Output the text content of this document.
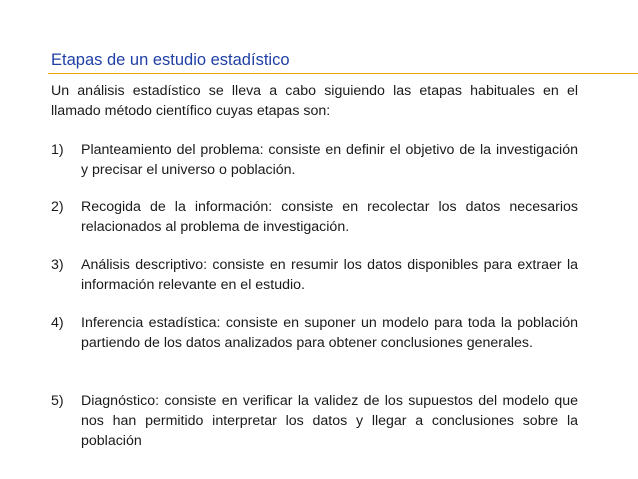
Etapas de un estudio estadístico
Un análisis estadístico se lleva a cabo siguiendo las etapas habituales en el llamado método científico cuyas etapas son:
1)	Planteamiento del problema: consiste en definir el objetivo de la investigación y precisar el universo o población.
2)	Recogida de la información: consiste en recolectar los datos necesarios relacionados al problema de investigación.
3)	Análisis descriptivo: consiste en resumir los datos disponibles para extraer la información relevante en el estudio.
4)	Inferencia estadística: consiste en suponer un modelo para toda la población partiendo de los datos analizados para obtener conclusiones generales.
5)	Diagnóstico: consiste en verificar la validez de los supuestos del modelo que nos han permitido interpretar los datos y llegar a conclusiones sobre la población
